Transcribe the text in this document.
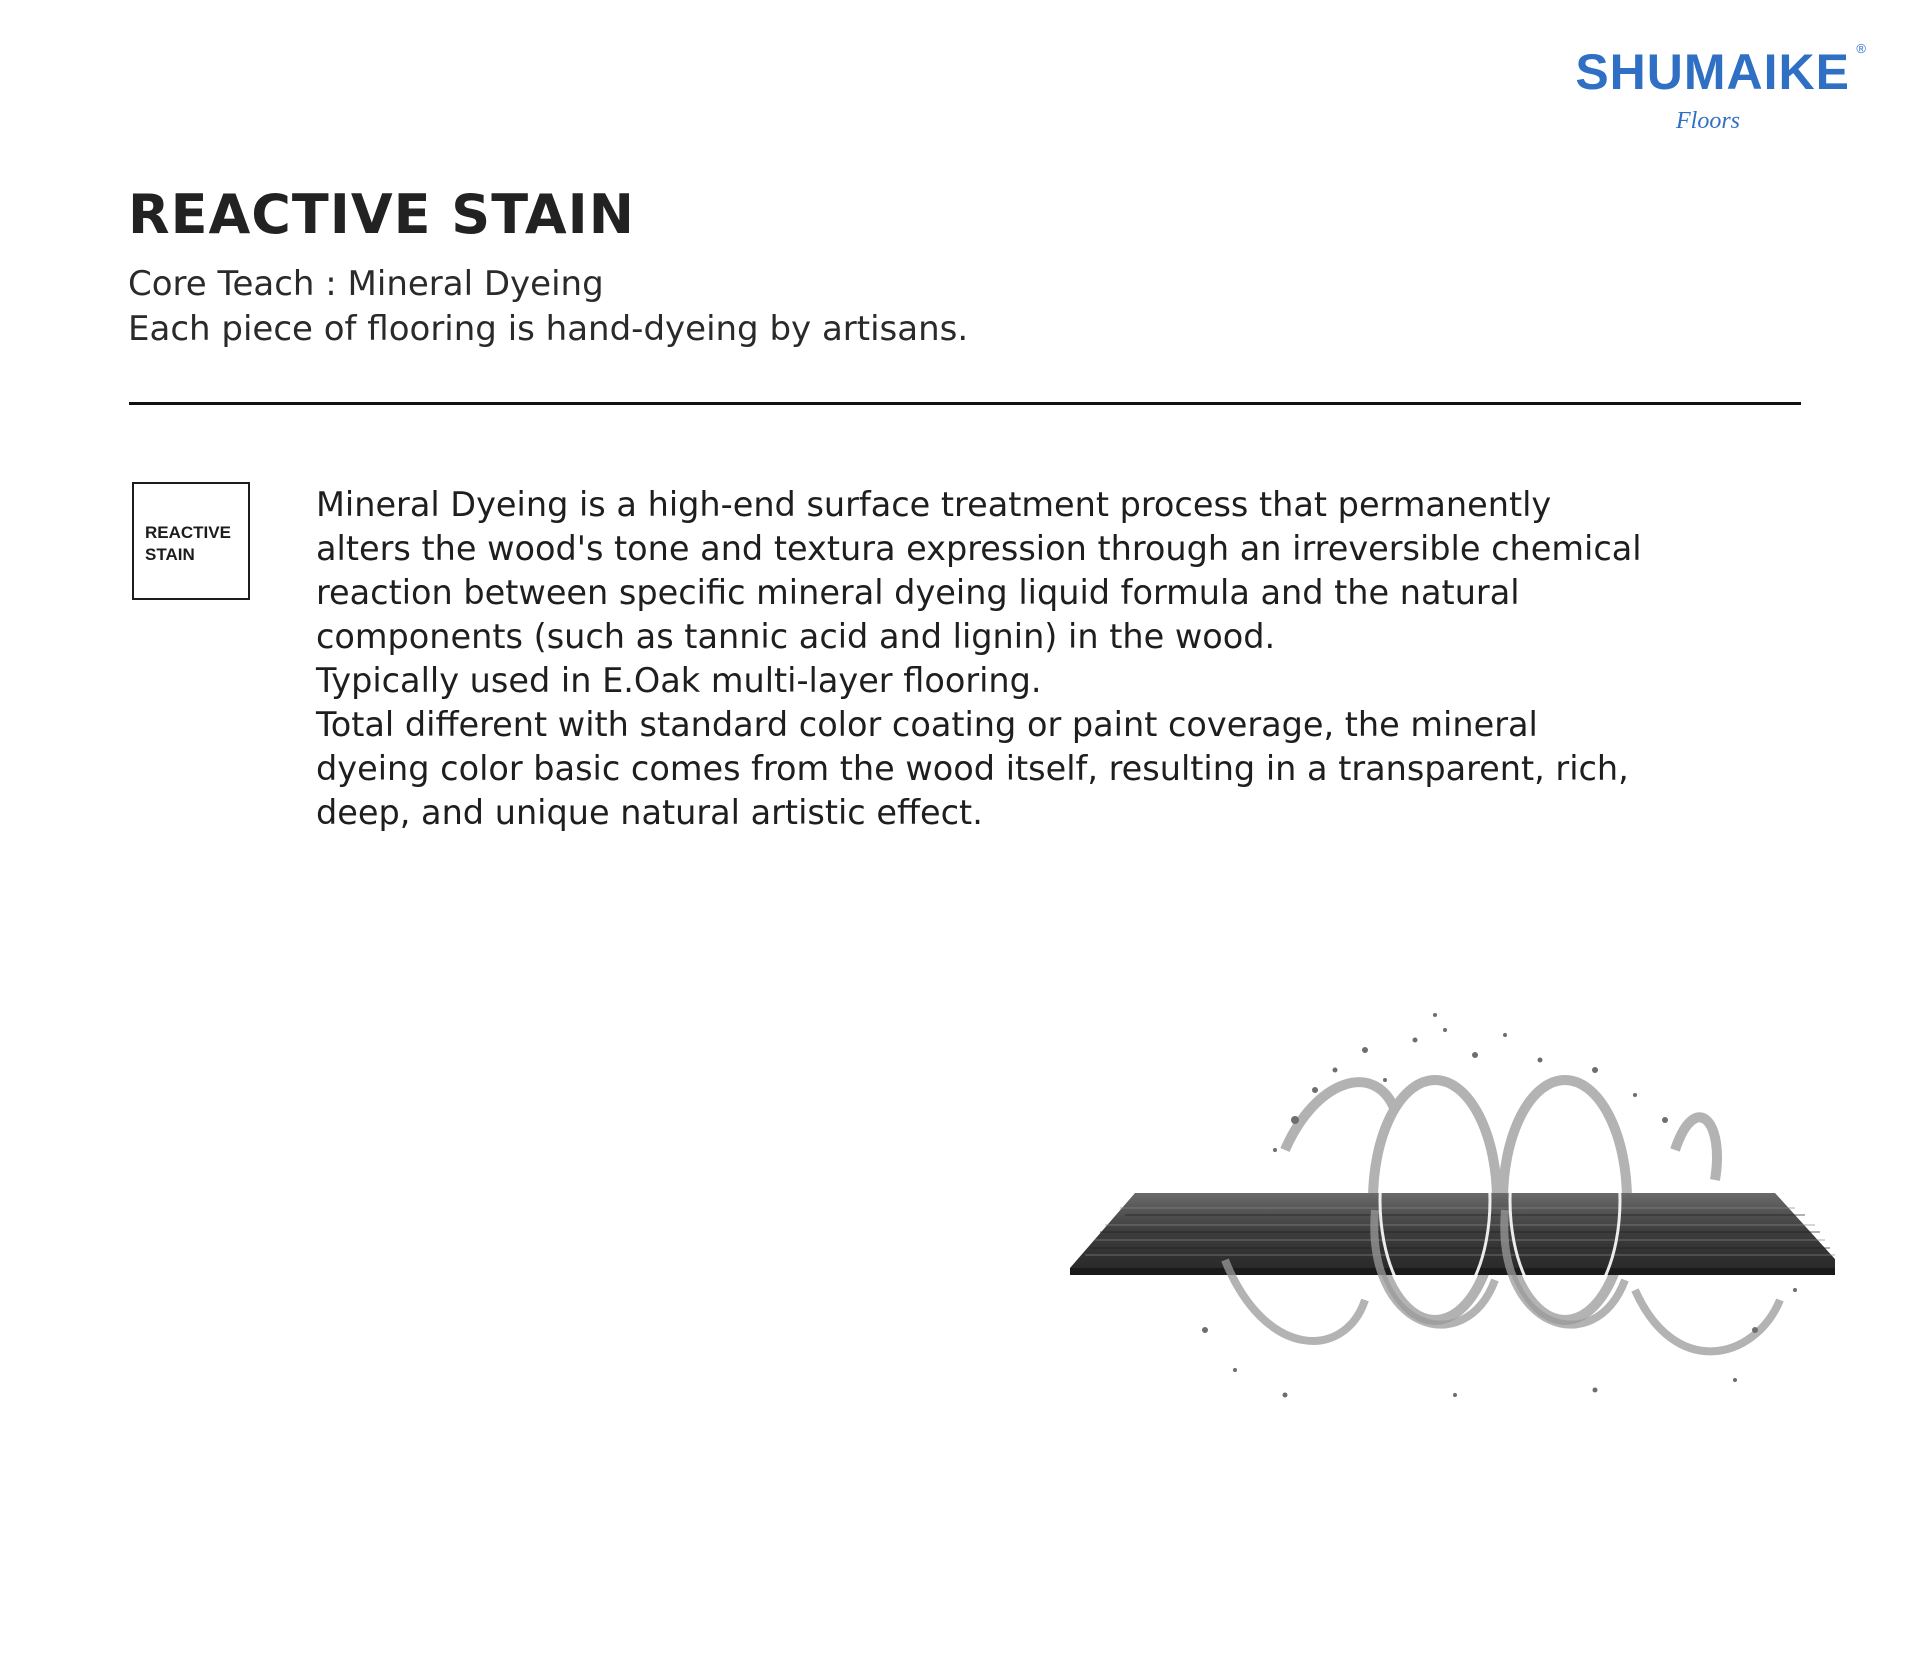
SHUMAIKE ®
Floors
REACTIVE STAIN
Core Teach : Mineral Dyeing
Each piece of flooring is hand-dyeing by artisans.
REACTIVE
STAIN

Mineral Dyeing is a high-end surface treatment process that permanently alters the wood's tone and textura expression through an irreversible chemical reaction between specific mineral dyeing liquid formula and the natural components (such as tannic acid and lignin) in the wood.

Typically used in E.Oak multi-layer flooring.

Total different with standard color coating or paint coverage, the mineral dyeing color basic comes from the wood itself, resulting in a transparent, rich, deep, and unique natural artistic effect.
